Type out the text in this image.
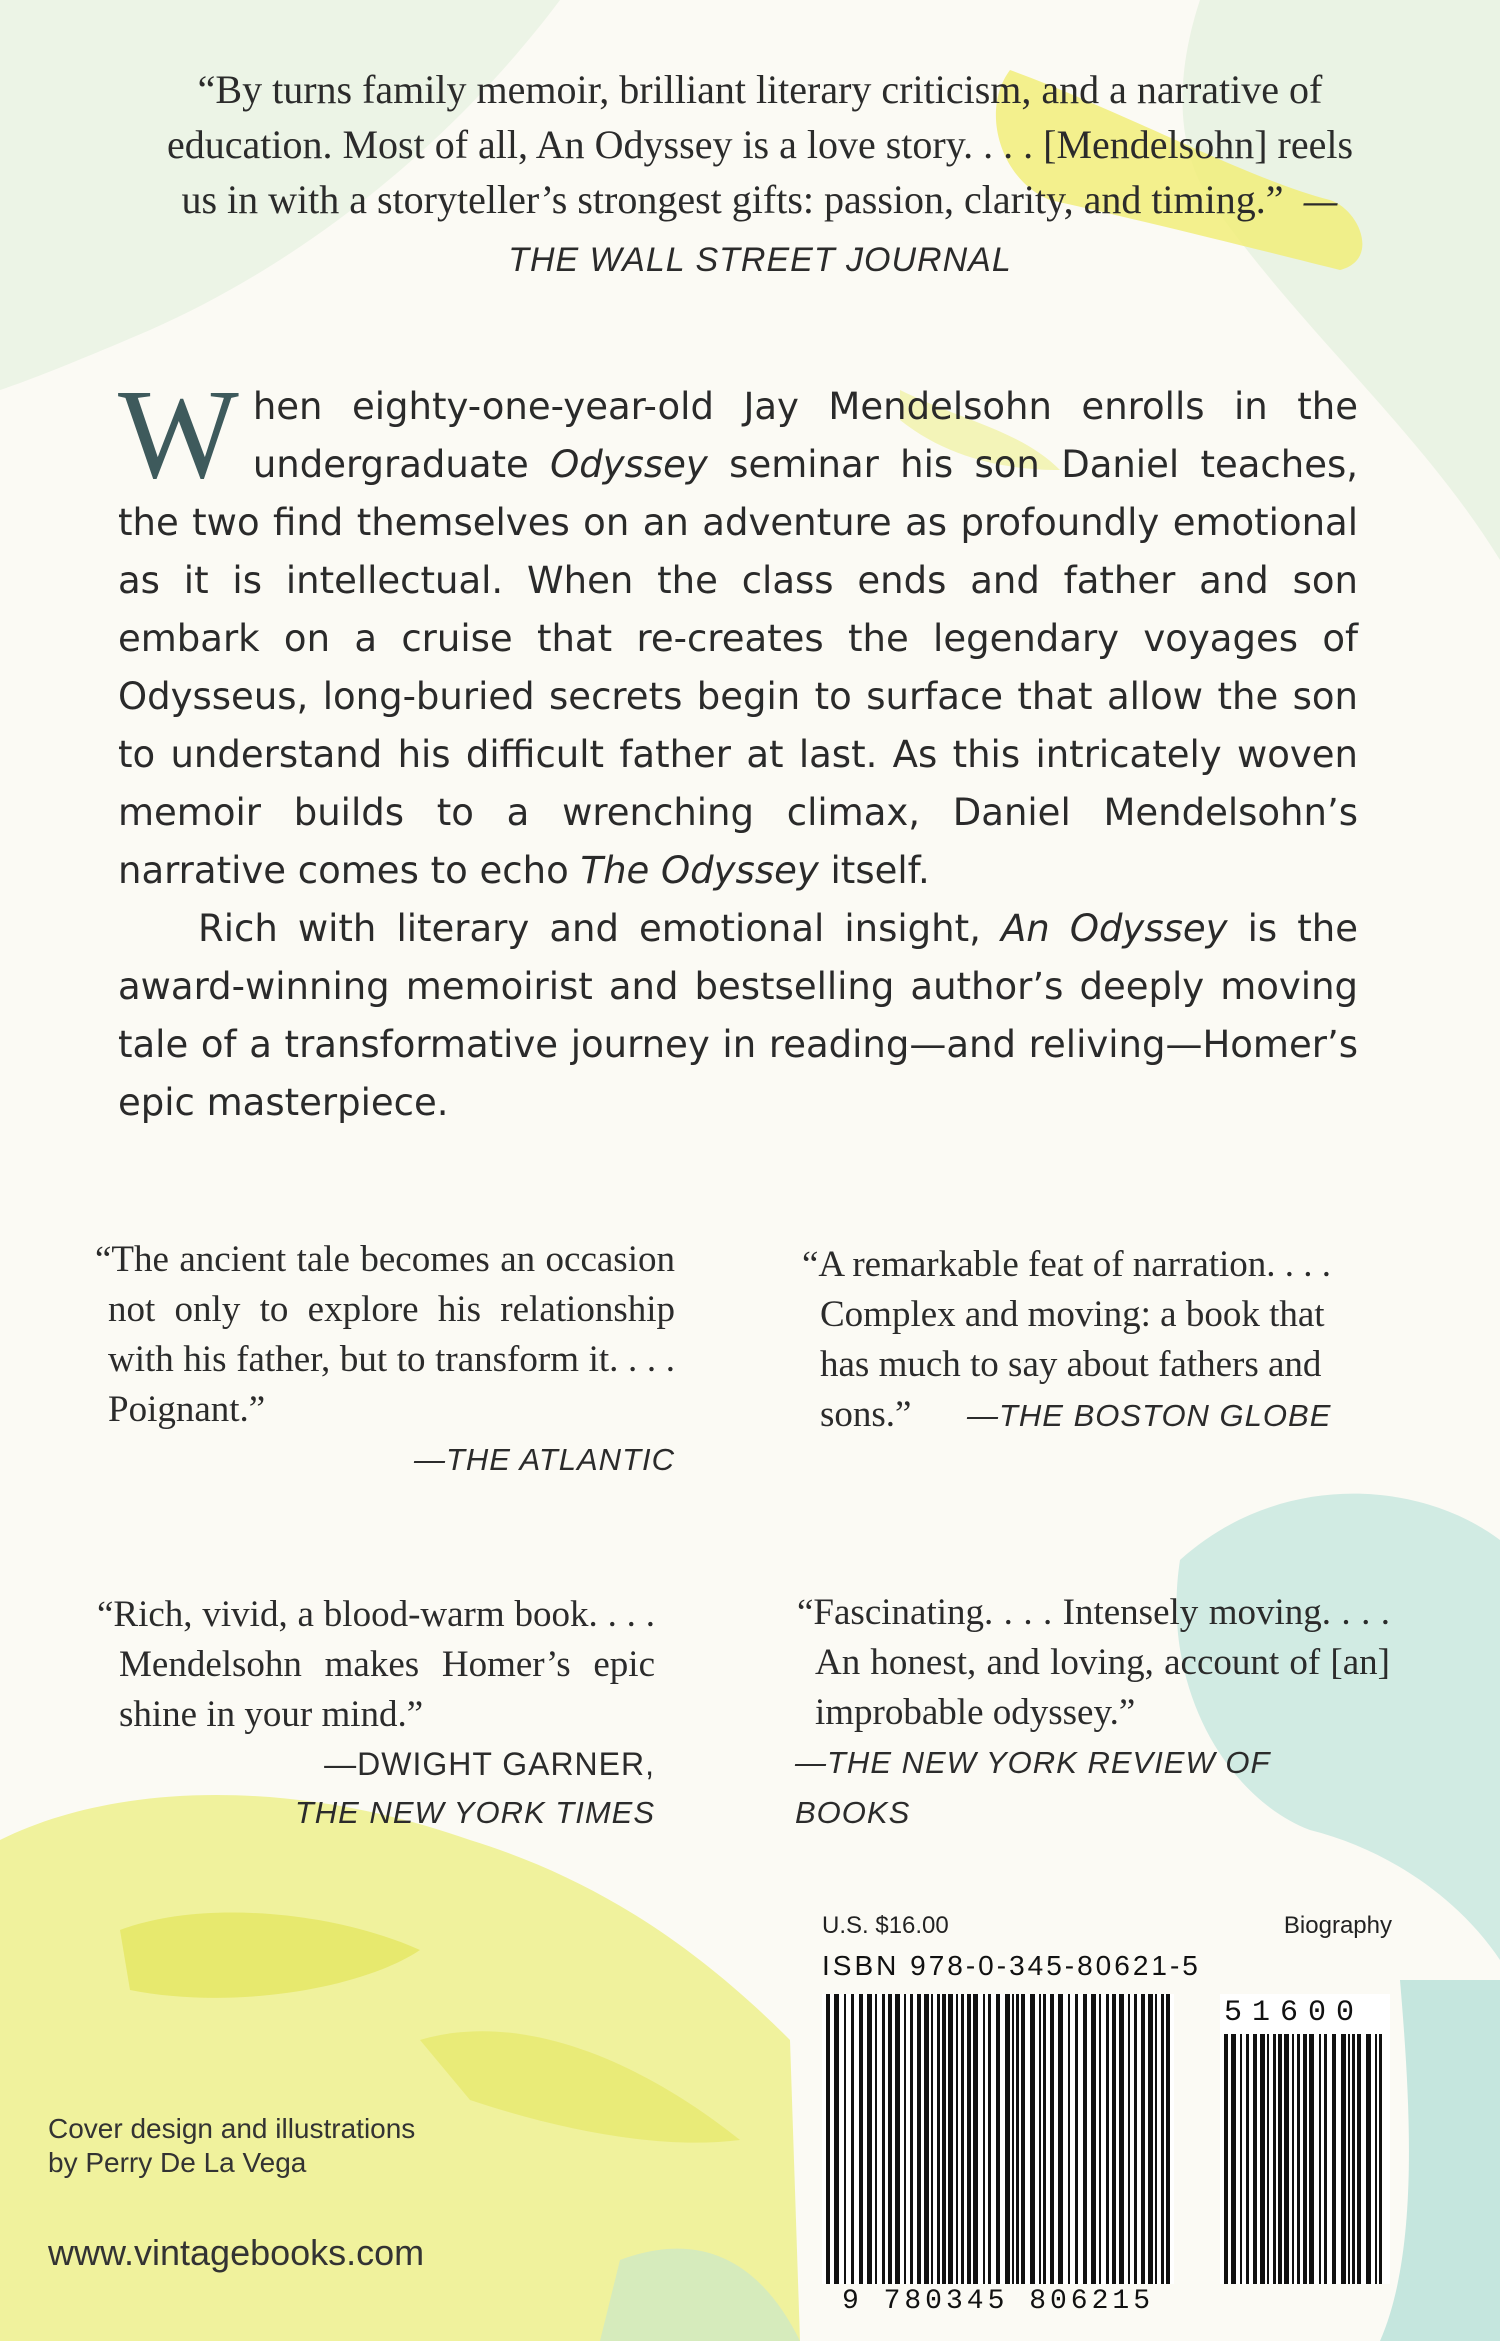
“By turns family memoir, brilliant literary criticism, and a narrative of education. Most of all, An Odyssey is a love story. . . . [Mendelsohn] reels us in with a storyteller’s strongest gifts: passion, clarity, and timing.” —THE WALL STREET JOURNAL

When eighty-one-year-old Jay Mendelsohn enrolls in the undergraduate Odyssey seminar his son Daniel teaches, the two find themselves on an adventure as profoundly emotional as it is intellectual. When the class ends and father and son embark on a cruise that re-creates the legendary voyages of Odysseus, long-buried secrets begin to surface that allow the son to understand his difficult father at last. As this intricately woven memoir builds to a wrenching climax, Daniel Mendelsohn’s narrative comes to echo The Odyssey itself.

Rich with literary and emotional insight, An Odyssey is the award-winning memoirist and bestselling author’s deeply moving tale of a transformative journey in reading—and reliving—Homer’s epic masterpiece.

“The ancient tale becomes an occasion not only to explore his relationship with his father, but to transform it. . . . Poignant.”

—THE ATLANTIC

“A remarkable feat of narration. . . . Complex and moving: a book that has much to say about fathers and sons.” —THE BOSTON GLOBE

“Rich, vivid, a blood-warm book. . . . Mendelsohn makes Homer’s epic shine in your mind.”

—DWIGHT GARNER,
THE NEW YORK TIMES

“Fascinating. . . . Intensely moving. . . . An honest, and loving, account of [an] improbable odyssey.”

—THE NEW YORK REVIEW OF BOOKS

Cover design and illustrations
by Perry De La Vega
www.vintagebooks.com
U.S. $16.00	Biography
ISBN 978-0-345-80621-5
51600
9 780345 806215
